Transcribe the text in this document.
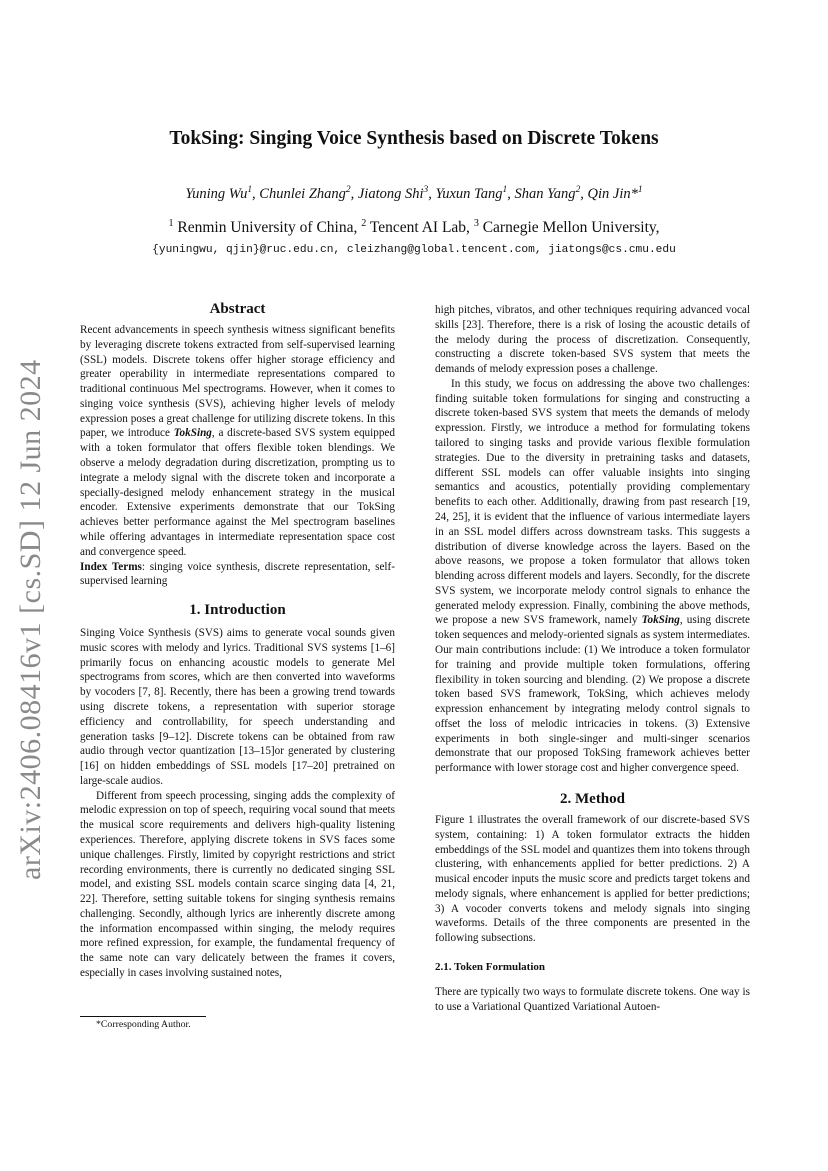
arXiv:2406.08416v1 [cs.SD] 12 Jun 2024
TokSing: Singing Voice Synthesis based on Discrete Tokens
Yuning Wu$^1$, Chunlei Zhang$^2$, Jiatong Shi$^3$, Yuxun Tang$^1$, Shan Yang$^2$, Qin Jin*$^1$
$^1$ Renmin University of China, $^2$ Tencent AI Lab, $^3$ Carnegie Mellon University,
{yuningwu, qjin}@ruc.edu.cn, cleizhang@global.tencent.com, jiatongs@cs.cmu.edu
Abstract

Recent advancements in speech synthesis witness significant benefits by leveraging discrete tokens extracted from self-supervised learning (SSL) models. Discrete tokens offer higher storage efficiency and greater operability in intermediate representations compared to traditional continuous Mel spectrograms. However, when it comes to singing voice synthesis (SVS), achieving higher levels of melody expression poses a great challenge for utilizing discrete tokens. In this paper, we introduce TokSing, a discrete-based SVS system equipped with a token formulator that offers flexible token blendings. We observe a melody degradation during discretization, prompting us to integrate a melody signal with the discrete token and incorporate a specially-designed melody enhancement strategy in the musical encoder. Extensive experiments demonstrate that our TokSing achieves better performance against the Mel spectrogram baselines while offering advantages in intermediate representation space cost and convergence speed.

Index Terms: singing voice synthesis, discrete representation, self-supervised learning

1. Introduction

Singing Voice Synthesis (SVS) aims to generate vocal sounds given music scores with melody and lyrics. Traditional SVS systems [1–6] primarily focus on enhancing acoustic models to generate Mel spectrograms from scores, which are then converted into waveforms by vocoders [7, 8]. Recently, there has been a growing trend towards using discrete tokens, a representation with superior storage efficiency and controllability, for speech understanding and generation tasks [9–12]. Discrete tokens can be obtained from raw audio through vector quantization [13–15]or generated by clustering [16] on hidden embeddings of SSL models [17–20] pretrained on large-scale audios.

Different from speech processing, singing adds the complexity of melodic expression on top of speech, requiring vocal sound that meets the musical score requirements and delivers high-quality listening experiences. Therefore, applying discrete tokens in SVS faces some unique challenges. Firstly, limited by copyright restrictions and strict recording environments, there is currently no dedicated singing SSL model, and existing SSL models contain scarce singing data [4, 21, 22]. Therefore, setting suitable tokens for singing synthesis remains challenging. Secondly, although lyrics are inherently discrete among the information encompassed within singing, the melody requires more refined expression, for example, the fundamental frequency of the same note can vary delicately between the frames it covers, especially in cases involving sustained notes,

high pitches, vibratos, and other techniques requiring advanced vocal skills [23]. Therefore, there is a risk of losing the acoustic details of the melody during the process of discretization. Consequently, constructing a discrete token-based SVS system that meets the demands of melody expression poses a challenge.

In this study, we focus on addressing the above two challenges: finding suitable token formulations for singing and constructing a discrete token-based SVS system that meets the demands of melody expression. Firstly, we introduce a method for formulating tokens tailored to singing tasks and provide various flexible formulation strategies. Due to the diversity in pretraining tasks and datasets, different SSL models can offer valuable insights into singing semantics and acoustics, potentially providing complementary benefits to each other. Additionally, drawing from past research [19, 24, 25], it is evident that the influence of various intermediate layers in an SSL model differs across downstream tasks. This suggests a distribution of diverse knowledge across the layers. Based on the above reasons, we propose a token formulator that allows token blending across different models and layers. Secondly, for the discrete SVS system, we incorporate melody control signals to enhance the generated melody expression. Finally, combining the above methods, we propose a new SVS framework, namely TokSing, using discrete token sequences and melody-oriented signals as system intermediates. Our main contributions include: (1) We introduce a token formulator for training and provide multiple token formulations, offering flexibility in token sourcing and blending. (2) We propose a discrete token based SVS framework, TokSing, which achieves melody expression enhancement by integrating melody control signals to offset the loss of melodic intricacies in tokens. (3) Extensive experiments in both single-singer and multi-singer scenarios demonstrate that our proposed TokSing framework achieves better performance with lower storage cost and higher convergence speed.

2. Method

Figure 1 illustrates the overall framework of our discrete-based SVS system, containing: 1) A token formulator extracts the hidden embeddings of the SSL model and quantizes them into tokens through clustering, with enhancements applied for better predictions. 2) A musical encoder inputs the music score and predicts target tokens and melody signals, where enhancement is applied for better predictions; 3) A vocoder converts tokens and melody signals into singing waveforms. Details of the three components are presented in the following subsections.

2.1. Token Formulation

There are typically two ways to formulate discrete tokens. One way is to use a Variational Quantized Variational Autoen-

*Corresponding Author.
